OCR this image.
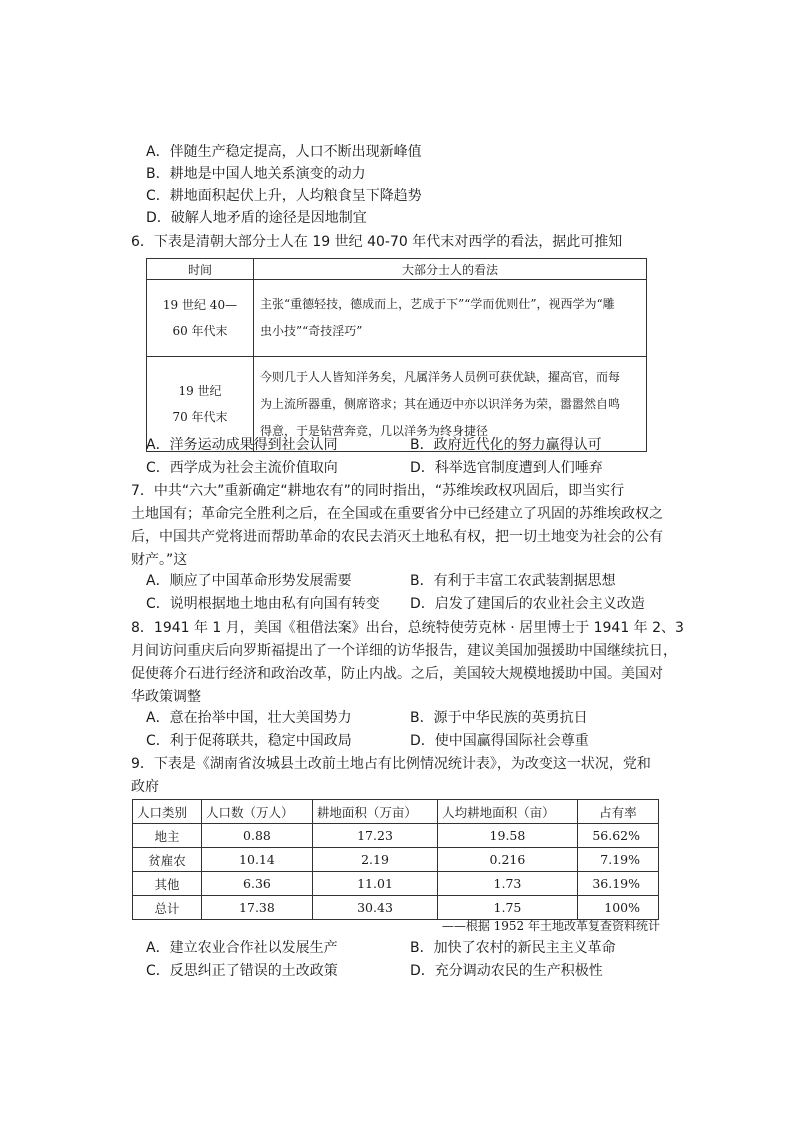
A．伴随生产稳定提高，人口不断出现新峰值
B．耕地是中国人地关系演变的动力
C．耕地面积起伏上升，人均粮食呈下降趋势
D．破解人地矛盾的途径是因地制宜
6．下表是清朝大部分士人在 19 世纪 40-70 年代末对西学的看法，据此可推知
时间	大部分士人的看法

19 世纪 40—
60 年代末	主张“重德轻技，德成而上，艺成于下”“学而优则仕”，视西学为“雕
虫小技”“奇技淫巧”

19 世纪
70 年代末	今则几于人人皆知洋务矣，凡属洋务人员例可获优缺，擢高官，而每
为上流所器重，侧席谘求；其在通迈中亦以识洋务为荣，嚣嚣然自鸣
得意，于是钻营奔竞，几以洋务为终身捷径
A．洋务运动成果得到社会认同	B．政府近代化的努力赢得认可
C．西学成为社会主流价值取向	D．科举选官制度遭到人们唾弃
7．中共“六大”重新确定“耕地农有”的同时指出，“苏维埃政权巩固后，即当实行
土地国有；革命完全胜利之后，在全国或在重要省分中已经建立了巩固的苏维埃政权之
后，中国共产党将进而帮助革命的农民去消灭土地私有权，把一切土地变为社会的公有
财产。”这
A．顺应了中国革命形势发展需要	B．有利于丰富工农武装割据思想
C．说明根据地土地由私有向国有转变 D．启发了建国后的农业社会主义改造
8．1941 年 1 月，美国《租借法案》出台，总统特使劳克林 · 居里博士于 1941 年 2、3
月间访问重庆后向罗斯福提出了一个详细的访华报告，建议美国加强援助中国继续抗日，
促使蒋介石进行经济和政治改革，防止内战。之后，美国较大规模地援助中国。美国对
华政策调整
A．意在抬举中国，壮大美国势力	B．源于中华民族的英勇抗日
C．利于促蒋联共，稳定中国政局	D．使中国赢得国际社会尊重
9．下表是《湖南省汝城县土改前土地占有比例情况统计表》，为改变这一状况，党和
政府
人口类别	人口数（万人）	耕地面积（万亩）	人均耕地面积（亩）	占有率
地主	0.88	17.23	19.58	56.62%
贫雇农	10.14	2.19	0.216	7.19%
其他	6.36	11.01	1.73	36.19%
总计	17.38	30.43	1.75	100%
——根据 1952 年土地改革复查资料统计
A．建立农业合作社以发展生产	B．加快了农村的新民主主义革命
C．反思纠正了错误的土改政策	D．充分调动农民的生产积极性
